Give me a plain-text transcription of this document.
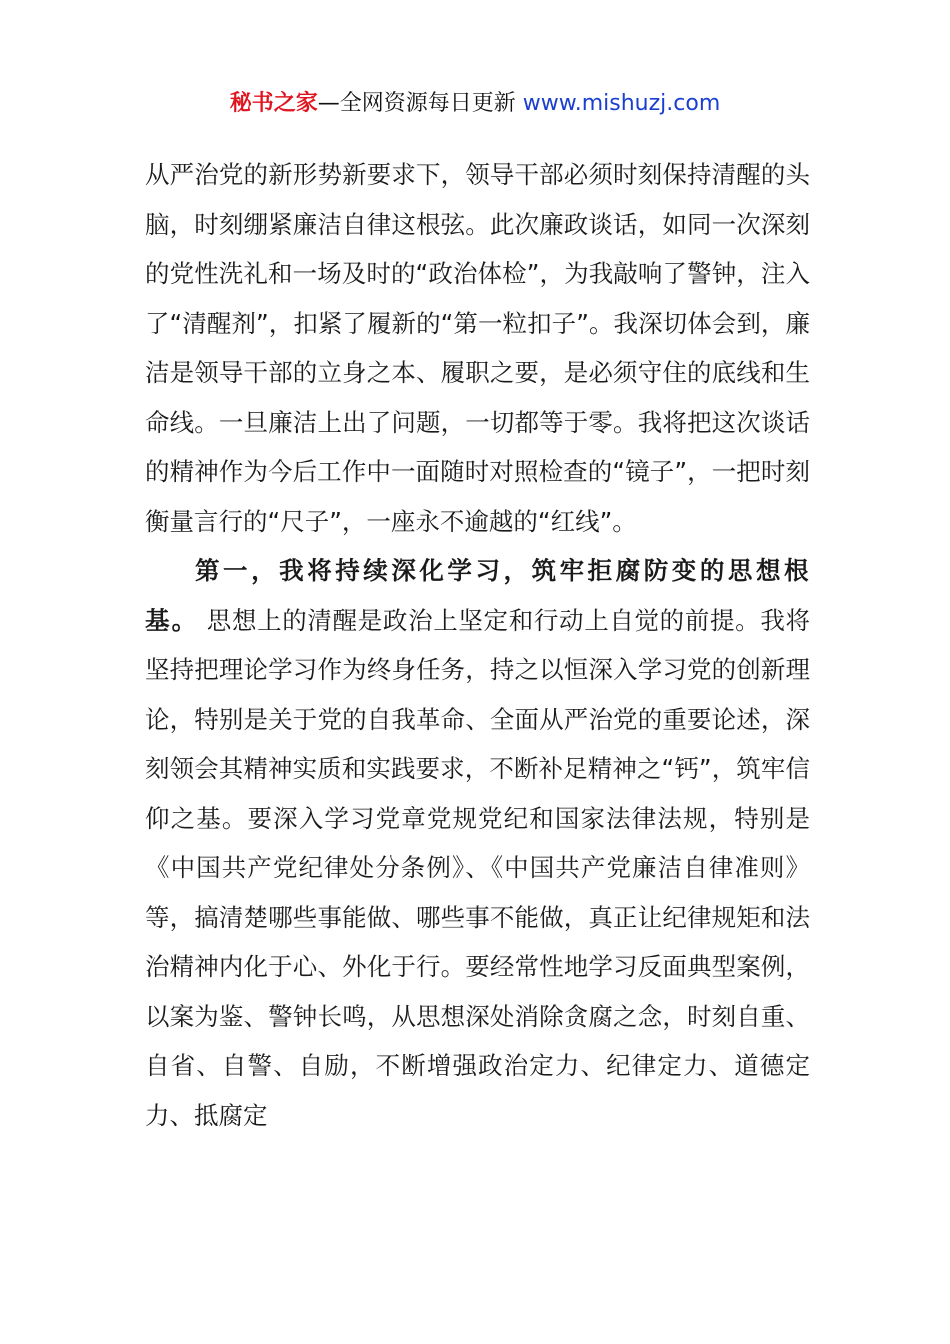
秘书之家—全网资源每日更新 www.mishuzj.com

从严治党的新形势新要求下，领导干部必须时刻保持清醒的头脑，时刻绷紧廉洁自律这根弦。此次廉政谈话，如同一次深刻的党性洗礼和一场及时的“政治体检”，为我敲响了警钟，注入了“清醒剂”，扣紧了履新的“第一粒扣子”。我深切体会到，廉洁是领导干部的立身之本、履职之要，是必须守住的底线和生命线。一旦廉洁上出了问题，一切都等于零。我将把这次谈话的精神作为今后工作中一面随时对照检查的“镜子”，一把时刻衡量言行的“尺子”，一座永不逾越的“红线”。

第一，我将持续深化学习，筑牢拒腐防变的思想根基。 思想上的清醒是政治上坚定和行动上自觉的前提。我将坚持把理论学习作为终身任务，持之以恒深入学习党的创新理论，特别是关于党的自我革命、全面从严治党的重要论述，深刻领会其精神实质和实践要求，不断补足精神之“钙”，筑牢信仰之基。要深入学习党章党规党纪和国家法律法规，特别是《中国共产党纪律处分条例》、《中国共产党廉洁自律准则》等，搞清楚哪些事能做、哪些事不能做，真正让纪律规矩和法治精神内化于心、外化于行。要经常性地学习反面典型案例，以案为鉴、警钟长鸣，从思想深处消除贪腐之念，时刻自重、自省、自警、自励，不断增强政治定力、纪律定力、道德定力、抵腐定
